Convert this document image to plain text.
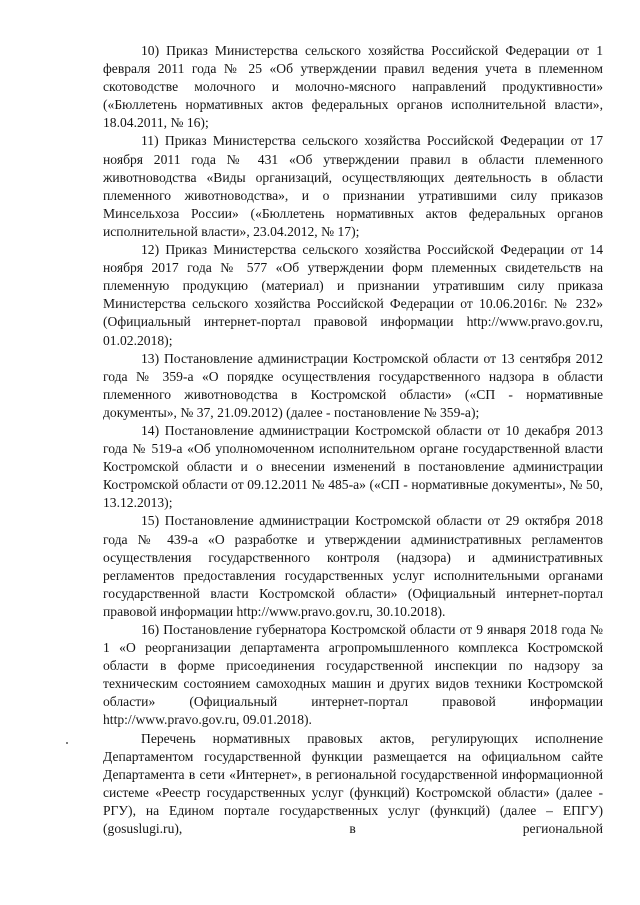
10) Приказ Министерства сельского хозяйства Российской Федерации от 1 февраля 2011 года № 25 «Об утверждении правил ведения учета в племенном скотоводстве молочного и молочно-мясного направлений продуктивности» («Бюллетень нормативных актов федеральных органов исполнительной власти», 18.04.2011, № 16);

11) Приказ Министерства сельского хозяйства Российской Федерации от 17 ноября 2011 года № 431 «Об утверждении правил в области племенного животноводства «Виды организаций, осуществляющих деятельность в области племенного животноводства», и о признании утратившими силу приказов Минсельхоза России» («Бюллетень нормативных актов федеральных органов исполнительной власти», 23.04.2012, № 17);

12) Приказ Министерства сельского хозяйства Российской Федерации от 14 ноября 2017 года № 577 «Об утверждении форм племенных свидетельств на племенную продукцию (материал) и признании утратившим силу приказа Министерства сельского хозяйства Российской Федерации от 10.06.2016г. № 232» (Официальный интернет-портал правовой информации http://www.pravo.gov.ru, 01.02.2018);

13) Постановление администрации Костромской области от 13 сентября 2012 года № 359-а «О порядке осуществления государственного надзора в области племенного животноводства в Костромской области» («СП - нормативные документы», № 37, 21.09.2012) (далее - постановление № 359-а);

14) Постановление администрации Костромской области от 10 декабря 2013 года № 519-а «Об уполномоченном исполнительном органе государственной власти Костромской области и о внесении изменений в постановление администрации Костромской области от 09.12.2011 № 485-а» («СП - нормативные документы», № 50, 13.12.2013);

15) Постановление администрации Костромской области от 29 октября 2018 года № 439-а «О разработке и утверждении административных регламентов осуществления государственного контроля (надзора) и административных регламентов предоставления государственных услуг исполнительными органами государственной власти Костромской области» (Официальный интернет-портал правовой информации http://www.pravo.gov.ru, 30.10.2018).

16) Постановление губернатора Костромской области от 9 января 2018 года № 1 «О реорганизации департамента агропромышленного комплекса Костромской области в форме присоединения государственной инспекции по надзору за техническим состоянием самоходных машин и других видов техники Костромской области» (Официальный интернет-портал правовой информации http://www.pravo.gov.ru, 09.01.2018).

Перечень нормативных правовых актов, регулирующих исполнение Департаментом государственной функции размещается на официальном сайте Департамента в сети «Интернет», в региональной государственной информационной системе «Реестр государственных услуг (функций) Костромской области» (далее - РГУ), на Едином портале государственных услуг (функций) (далее – ЕПГУ) (gosuslugi.ru), в региональной
